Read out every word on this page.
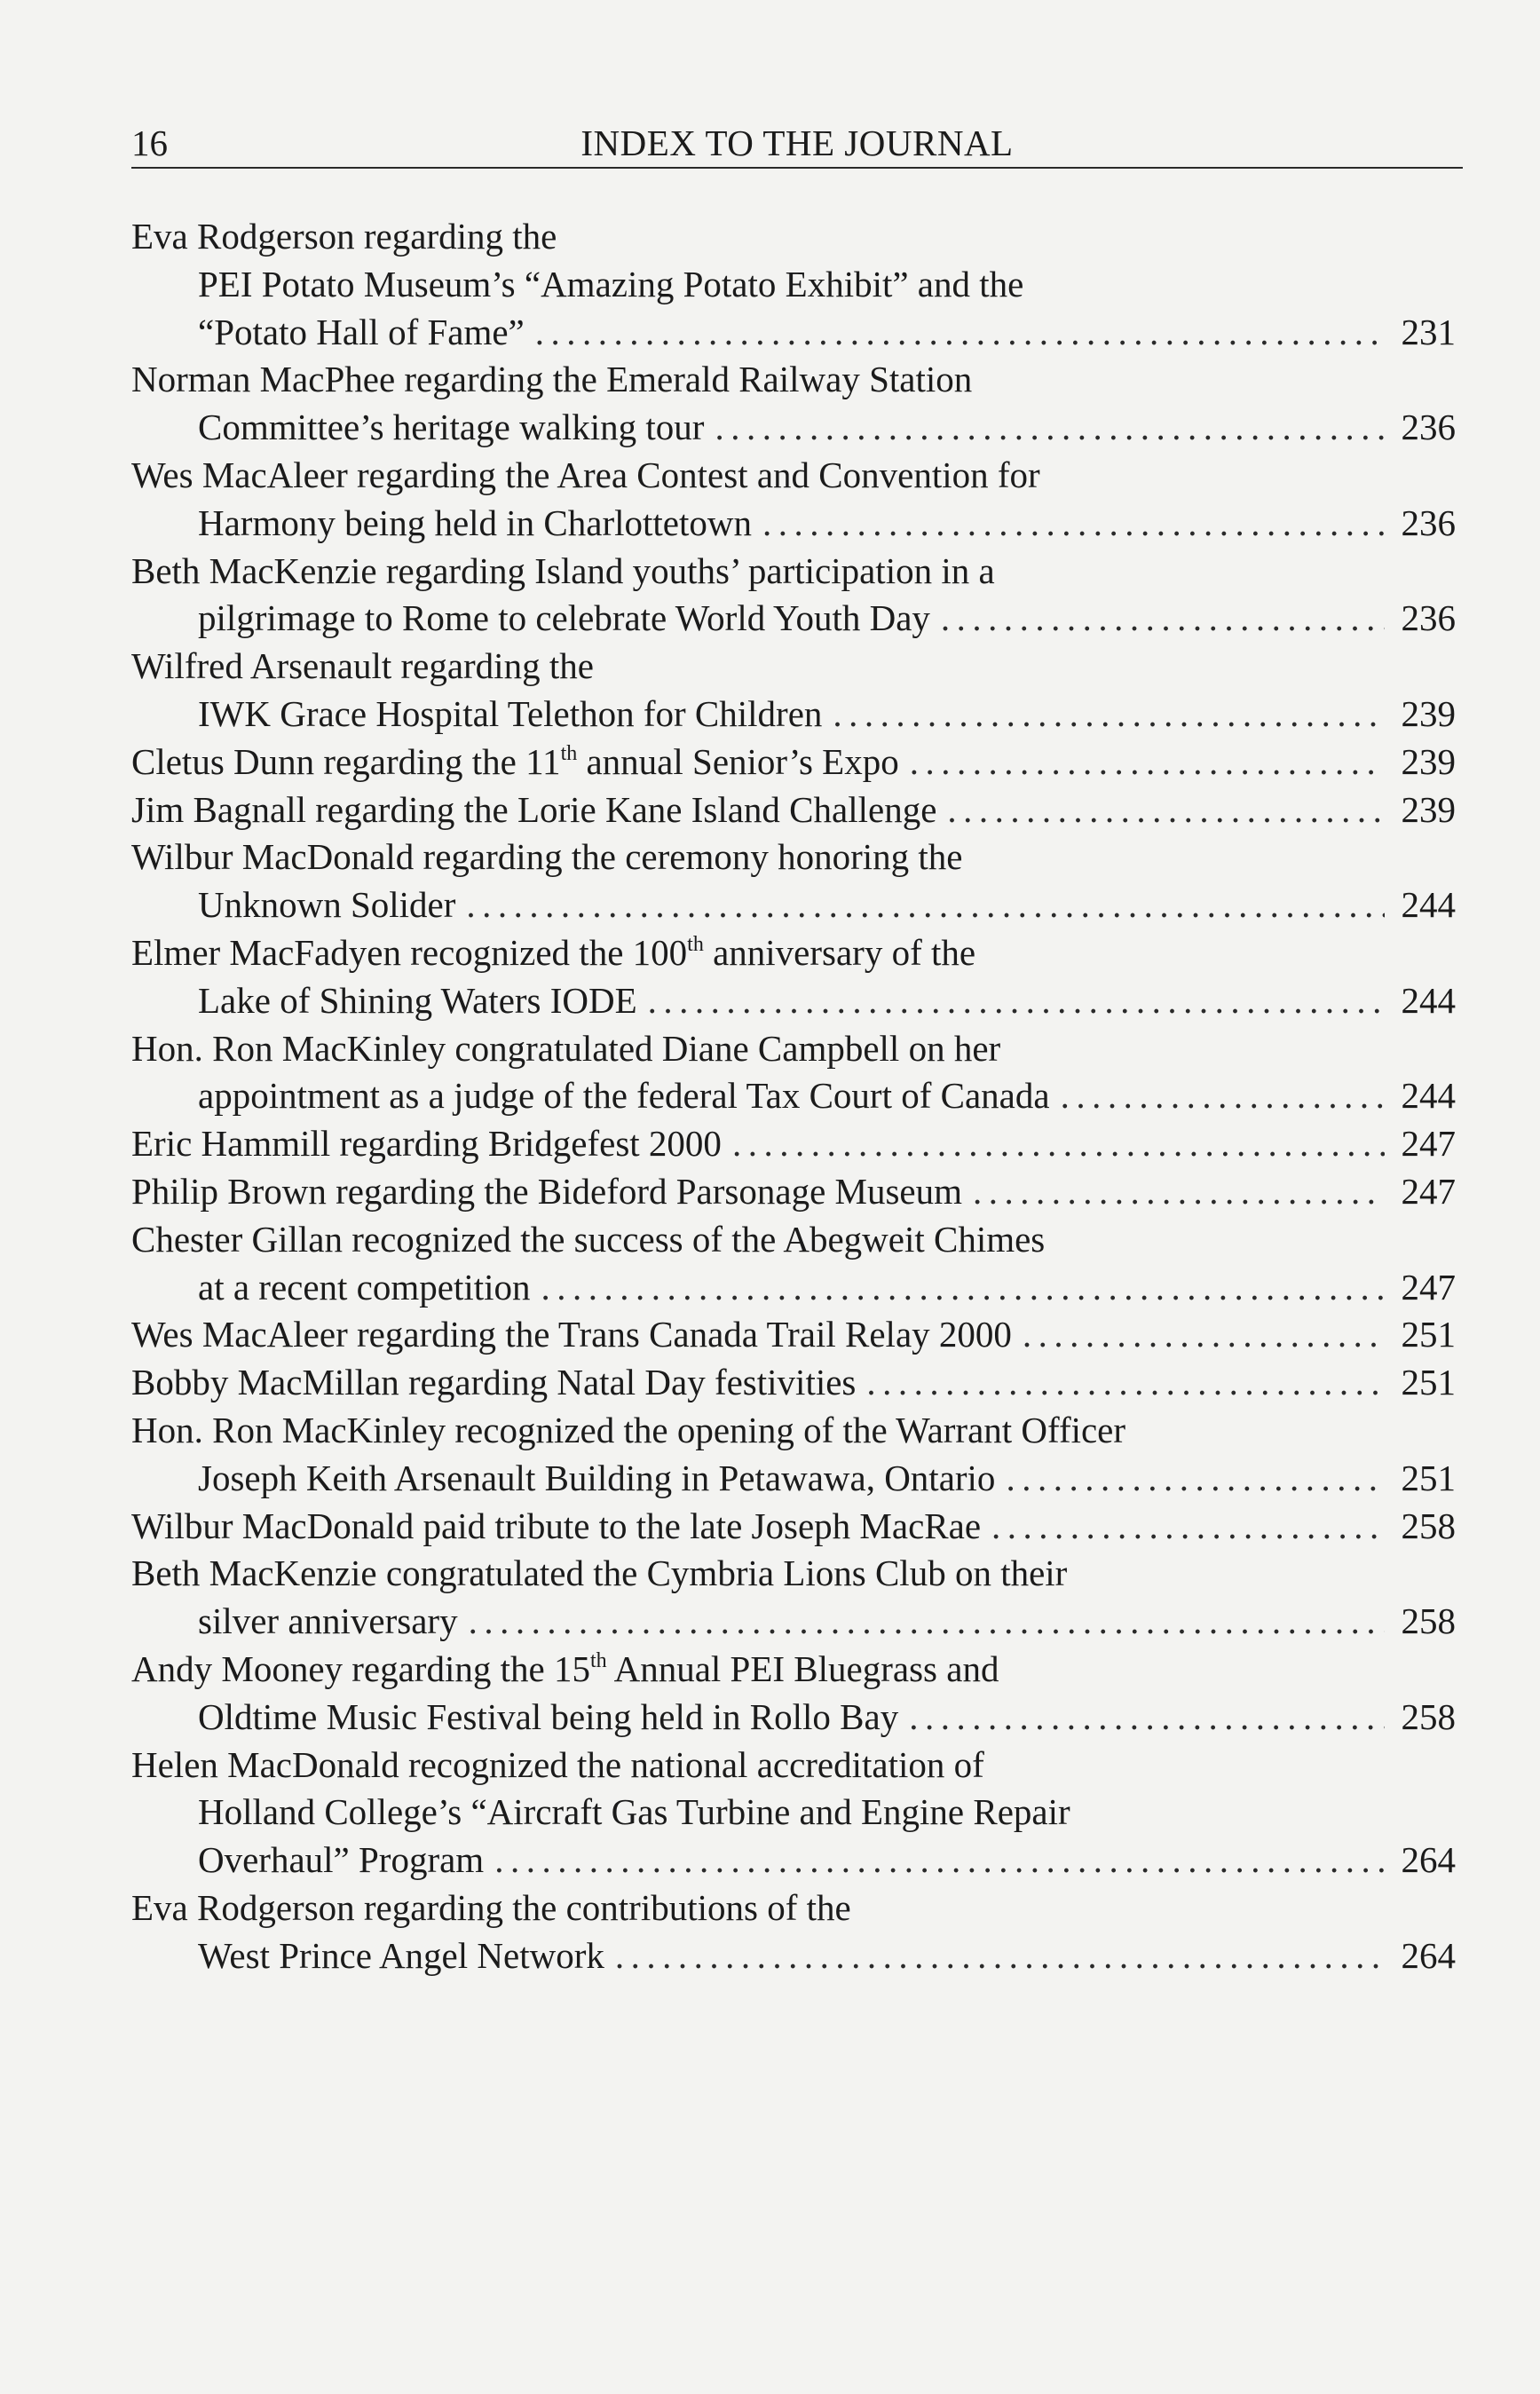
16	INDEX TO THE JOURNAL
Eva Rodgerson regarding the
PEI Potato Museum’s “Amazing Potato Exhibit” and the
“Potato Hall of Fame” .....	231
Norman MacPhee regarding the Emerald Railway Station
Committee’s heritage walking tour .....	236
Wes MacAleer regarding the Area Contest and Convention for
Harmony being held in Charlottetown .....	236
Beth MacKenzie regarding Island youths’ participation in a
pilgrimage to Rome to celebrate World Youth Day .....	236
Wilfred Arsenault regarding the
IWK Grace Hospital Telethon for Children .....	239
Cletus Dunn regarding the 11th annual Senior’s Expo .....	239
Jim Bagnall regarding the Lorie Kane Island Challenge .....	239
Wilbur MacDonald regarding the ceremony honoring the
Unknown Solider .....	244
Elmer MacFadyen recognized the 100th anniversary of the
Lake of Shining Waters IODE .....	244
Hon. Ron MacKinley congratulated Diane Campbell on her
appointment as a judge of the federal Tax Court of Canada .....	244
Eric Hammill regarding Bridgefest 2000 .....	247
Philip Brown regarding the Bideford Parsonage Museum .....	247
Chester Gillan recognized the success of the Abegweit Chimes
at a recent competition .....	247
Wes MacAleer regarding the Trans Canada Trail Relay 2000 .....	251
Bobby MacMillan regarding Natal Day festivities .....	251
Hon. Ron MacKinley recognized the opening of the Warrant Officer
Joseph Keith Arsenault Building in Petawawa, Ontario .....	251
Wilbur MacDonald paid tribute to the late Joseph MacRae .....	258
Beth MacKenzie congratulated the Cymbria Lions Club on their
silver anniversary .....	258
Andy Mooney regarding the 15th Annual PEI Bluegrass and
Oldtime Music Festival being held in Rollo Bay .....	258
Helen MacDonald recognized the national accreditation of
Holland College’s “Aircraft Gas Turbine and Engine Repair
Overhaul” Program .....	264
Eva Rodgerson regarding the contributions of the
West Prince Angel Network .....	264
